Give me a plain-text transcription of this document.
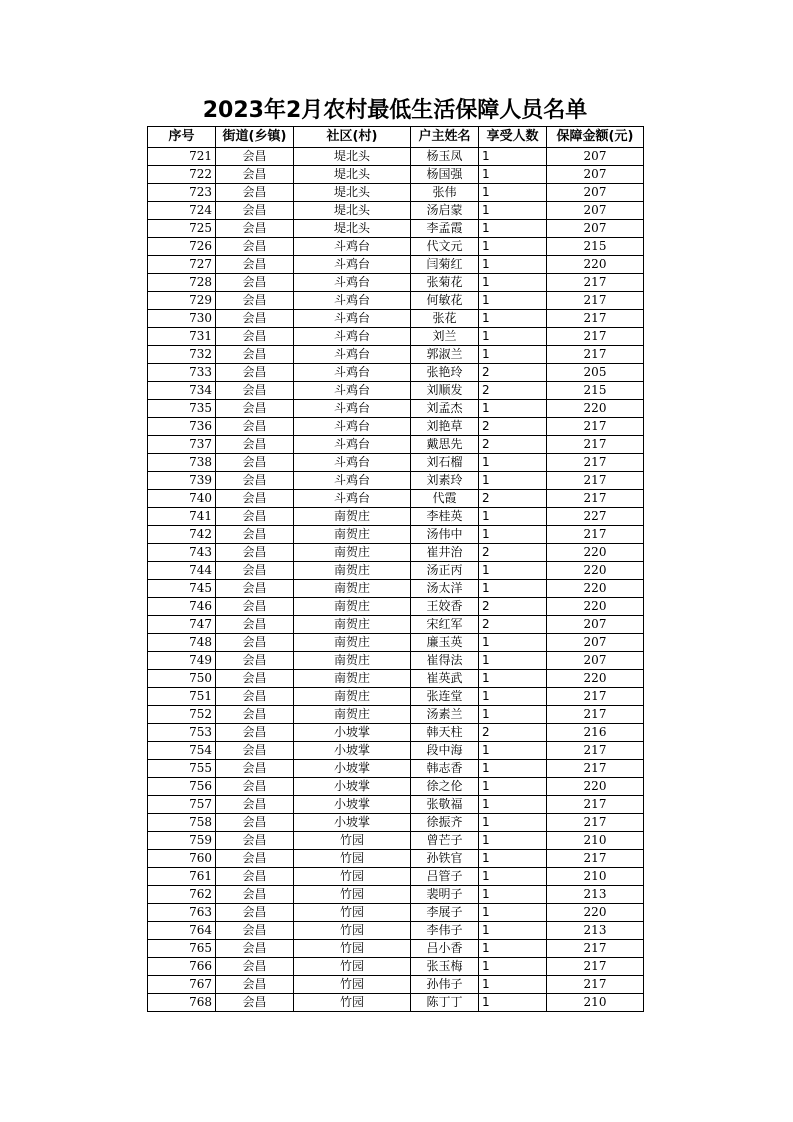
2023年2月农村最低生活保障人员名单
序号	街道(乡镇)	社区(村)	户主姓名	享受人数	保障金额(元)
721	会昌	堤北头	杨玉凤	1	207
722	会昌	堤北头	杨国强	1	207
723	会昌	堤北头	张伟	1	207
724	会昌	堤北头	汤启蒙	1	207
725	会昌	堤北头	李孟霞	1	207
726	会昌	斗鸡台	代文元	1	215
727	会昌	斗鸡台	闫菊红	1	220
728	会昌	斗鸡台	张菊花	1	217
729	会昌	斗鸡台	何敏花	1	217
730	会昌	斗鸡台	张花	1	217
731	会昌	斗鸡台	刘兰	1	217
732	会昌	斗鸡台	郭淑兰	1	217
733	会昌	斗鸡台	张艳玲	2	205
734	会昌	斗鸡台	刘顺发	2	215
735	会昌	斗鸡台	刘孟杰	1	220
736	会昌	斗鸡台	刘艳草	2	217
737	会昌	斗鸡台	戴思先	2	217
738	会昌	斗鸡台	刘石榴	1	217
739	会昌	斗鸡台	刘素玲	1	217
740	会昌	斗鸡台	代霞	2	217
741	会昌	南贺庄	李桂英	1	227
742	会昌	南贺庄	汤伟中	1	217
743	会昌	南贺庄	崔井治	2	220
744	会昌	南贺庄	汤正丙	1	220
745	会昌	南贺庄	汤太洋	1	220
746	会昌	南贺庄	王姣香	2	220
747	会昌	南贺庄	宋红军	2	207
748	会昌	南贺庄	廉玉英	1	207
749	会昌	南贺庄	崔得法	1	207
750	会昌	南贺庄	崔英武	1	220
751	会昌	南贺庄	张连堂	1	217
752	会昌	南贺庄	汤素兰	1	217
753	会昌	小坡掌	韩天柱	2	216
754	会昌	小坡掌	段中海	1	217
755	会昌	小坡掌	韩志香	1	217
756	会昌	小坡掌	徐之伦	1	220
757	会昌	小坡掌	张敬福	1	217
758	会昌	小坡掌	徐振齐	1	217
759	会昌	竹园	曾芒子	1	210
760	会昌	竹园	孙铁官	1	217
761	会昌	竹园	吕管子	1	210
762	会昌	竹园	裴明子	1	213
763	会昌	竹园	李展子	1	220
764	会昌	竹园	李伟子	1	213
765	会昌	竹园	吕小香	1	217
766	会昌	竹园	张玉梅	1	217
767	会昌	竹园	孙伟子	1	217
768	会昌	竹园	陈丁丁	1	210
